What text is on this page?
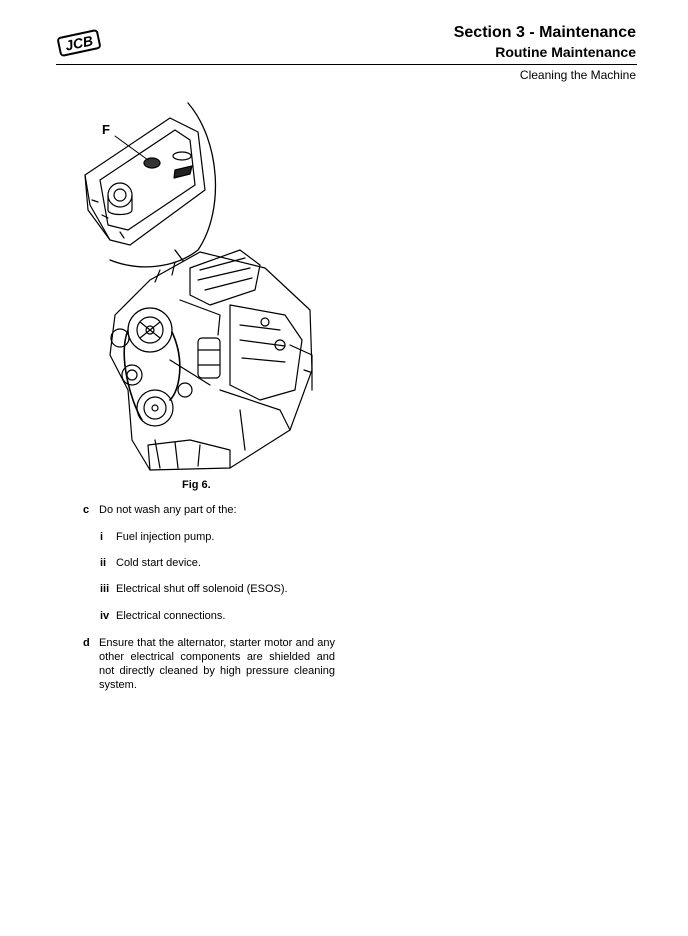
JCB	Section 3 - Maintenance
Routine Maintenance
Cleaning the Machine
F
Fig 6.
c Do not wash any part of the:
i Fuel injection pump.
ii Cold start device.
iii Electrical shut off solenoid (ESOS).
iv Electrical connections.
d Ensure that the alternator, starter motor and any other electrical components are shielded and not directly cleaned by high pressure cleaning system.
